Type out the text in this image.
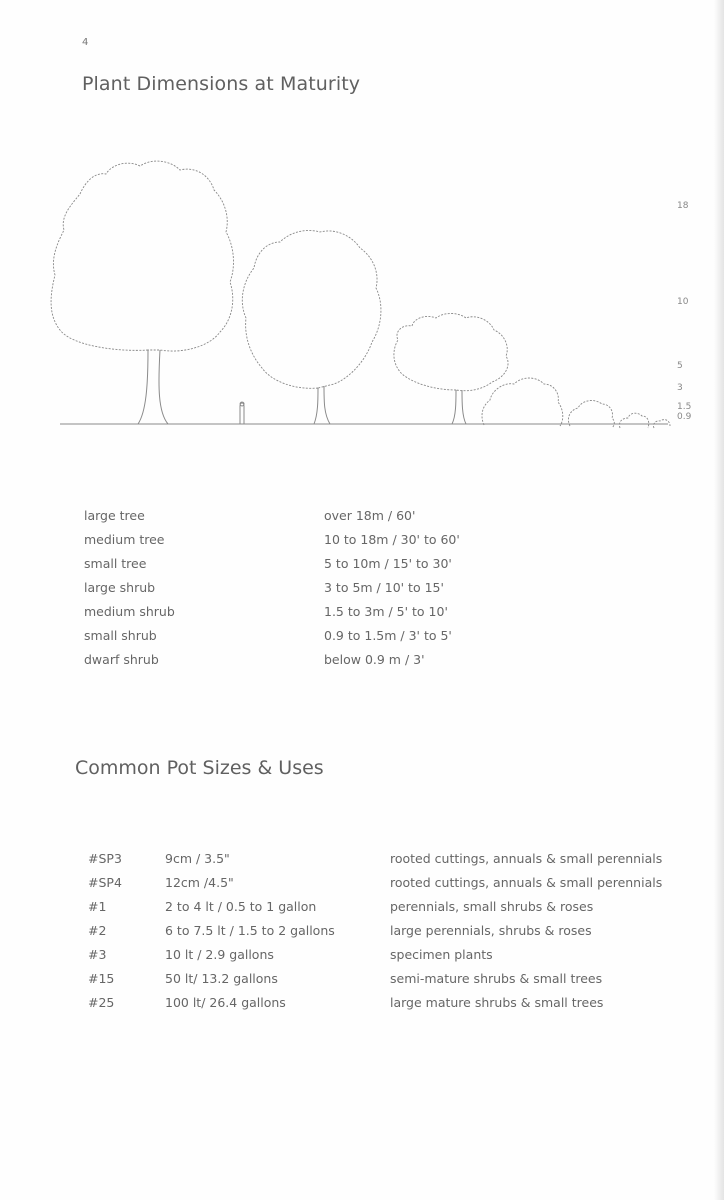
4
Plant Dimensions at Maturity
18
10
5
3
1.5
0.9
large tree	over 18m / 60'
medium tree	10 to 18m / 30' to 60'
small tree	5 to 10m / 15' to 30'
large shrub	3 to 5m / 10' to 15'
medium shrub	1.5 to 3m / 5' to 10'
small shrub	0.9 to 1.5m / 3' to 5'
dwarf shrub	below 0.9 m / 3'
Common Pot Sizes & Uses
#SP3	9cm / 3.5"	rooted cuttings, annuals & small perennials
#SP4	12cm /4.5"	rooted cuttings, annuals & small perennials
#1	2 to 4 lt / 0.5 to 1 gallon	perennials, small shrubs & roses
#2	6 to 7.5 lt / 1.5 to 2 gallons	large perennials, shrubs & roses
#3	10 lt / 2.9 gallons	specimen plants
#15	50 lt/ 13.2 gallons	semi-mature shrubs & small trees
#25	100 lt/ 26.4 gallons	large mature shrubs & small trees
